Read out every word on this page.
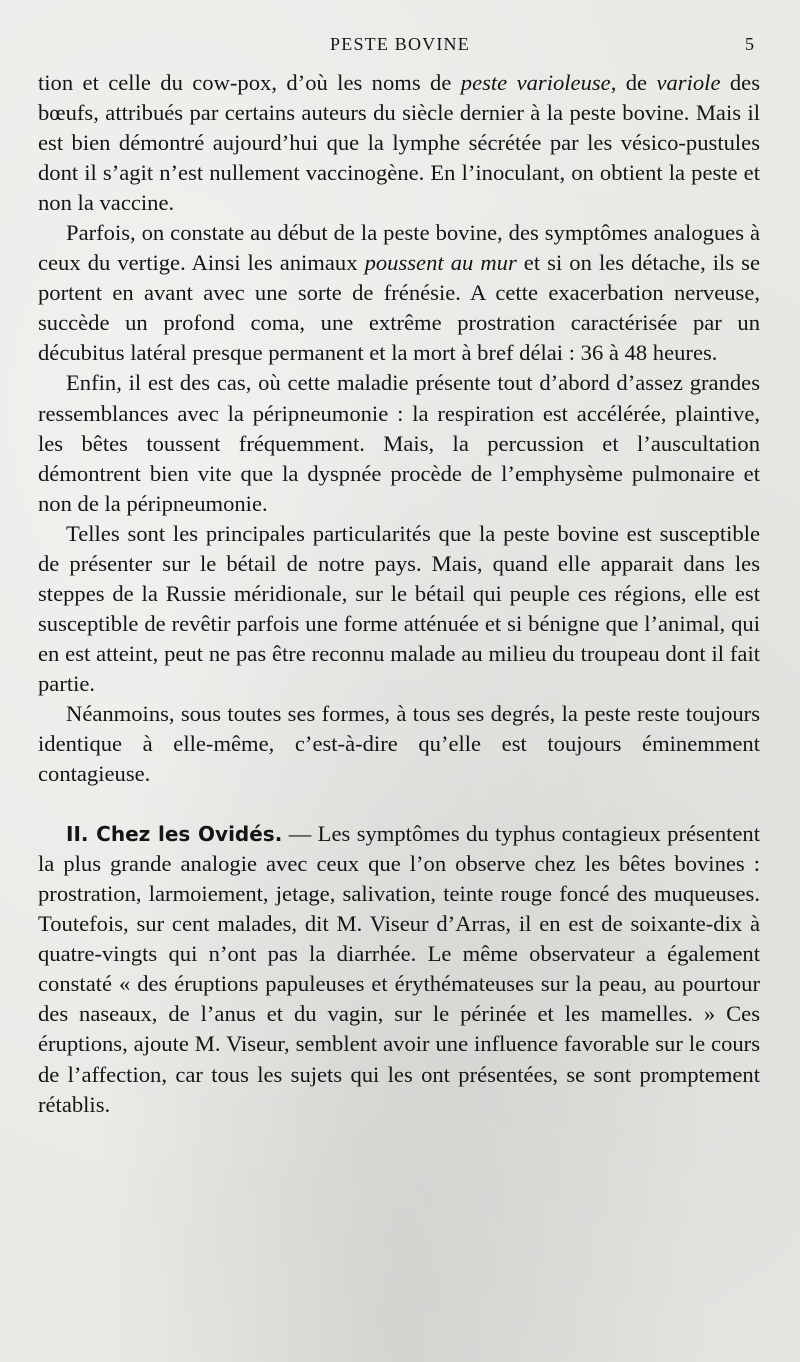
PESTE BOVINE	5

tion et celle du cow-pox, d’où les noms de peste varioleuse, de variole des bœufs, attribués par certains auteurs du siècle dernier à la peste bovine. Mais il est bien démontré aujourd’hui que la lymphe sécrétée par les vésico-pustules dont il s’agit n’est nullement vaccinogène. En l’inoculant, on obtient la peste et non la vaccine.

Parfois, on constate au début de la peste bovine, des symptômes analogues à ceux du vertige. Ainsi les animaux poussent au mur et si on les détache, ils se portent en avant avec une sorte de frénésie. A cette exacerbation nerveuse, succède un profond coma, une extrême prostration caractérisée par un décubitus latéral presque permanent et la mort à bref délai : 36 à 48 heures.

Enfin, il est des cas, où cette maladie présente tout d’abord d’assez grandes ressemblances avec la péripneumonie : la respiration est accélérée, plaintive, les bêtes toussent fréquemment. Mais, la percussion et l’auscultation démontrent bien vite que la dyspnée procède de l’emphysème pulmonaire et non de la péripneumonie.

Telles sont les principales particularités que la peste bovine est susceptible de présenter sur le bétail de notre pays. Mais, quand elle apparait dans les steppes de la Russie méridionale, sur le bétail qui peuple ces régions, elle est susceptible de revêtir parfois une forme atténuée et si bénigne que l’animal, qui en est atteint, peut ne pas être reconnu malade au milieu du troupeau dont il fait partie.

Néanmoins, sous toutes ses formes, à tous ses degrés, la peste reste toujours identique à elle-même, c’est-à-dire qu’elle est toujours éminemment contagieuse.

II. Chez les Ovidés. — Les symptômes du typhus contagieux présentent la plus grande analogie avec ceux que l’on observe chez les bêtes bovines : prostration, larmoiement, jetage, salivation, teinte rouge foncé des muqueuses. Toutefois, sur cent malades, dit M. Viseur d’Arras, il en est de soixante-dix à quatre-vingts qui n’ont pas la diarrhée. Le même observateur a également constaté « des éruptions papuleuses et érythémateuses sur la peau, au pourtour des naseaux, de l’anus et du vagin, sur le périnée et les mamelles. » Ces éruptions, ajoute M. Viseur, semblent avoir une influence favorable sur le cours de l’affection, car tous les sujets qui les ont présentées, se sont promptement rétablis.
